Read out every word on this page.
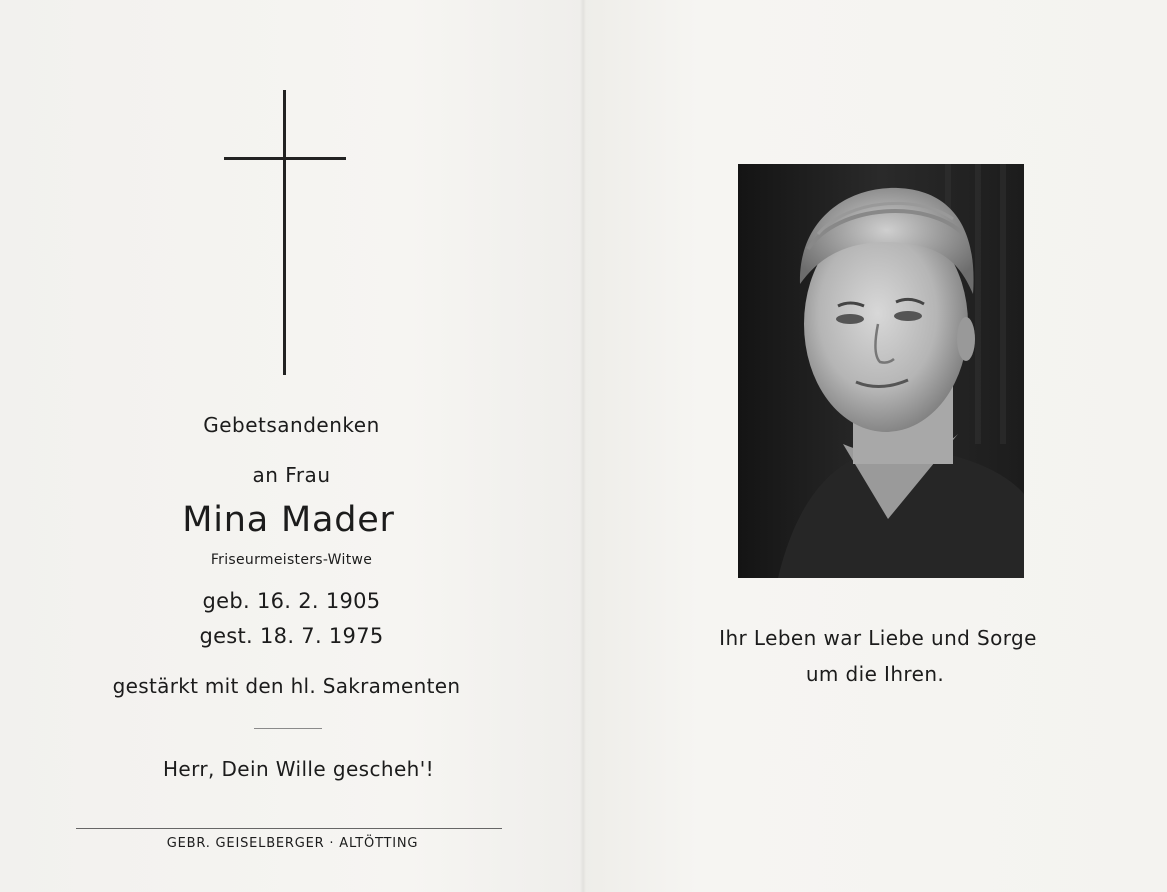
Gebetsandenken
an Frau
Mina Mader
Friseurmeisters-Witwe
geb. 16. 2. 1905
gest. 18. 7. 1975
gestärkt mit den hl. Sakramenten
Herr, Dein Wille gescheh'!
GEBR. GEISELBERGER · ALTÖTTING
Ihr Leben war Liebe und Sorge
um die Ihren.
